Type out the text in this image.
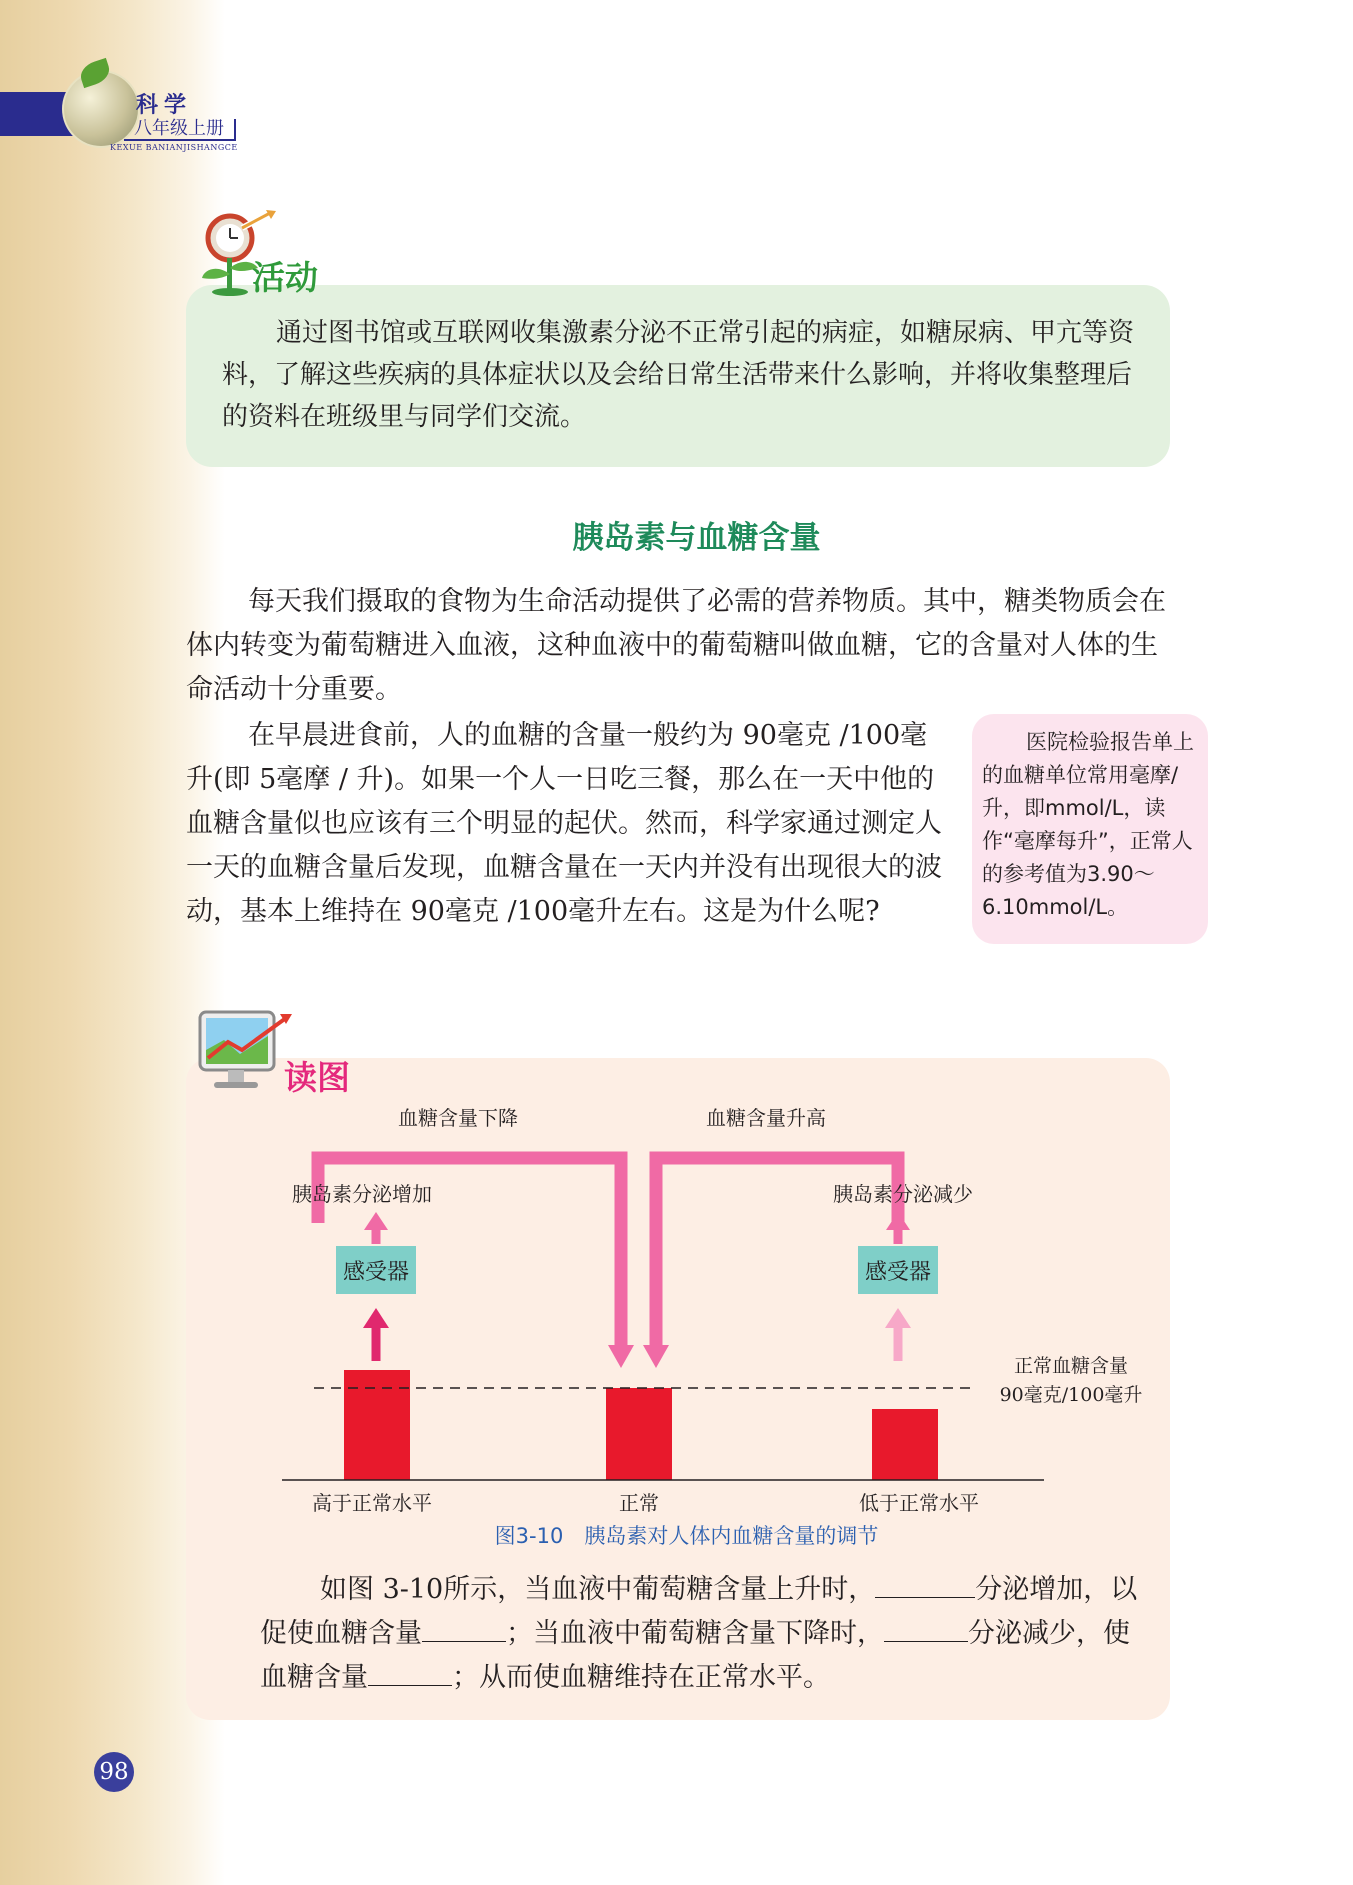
科学
八年级上册
KEXUE BANIANJISHANGCE
活动
通过图书馆或互联网收集激素分泌不正常引起的病症，如糖尿病、甲亢等资料，了解这些疾病的具体症状以及会给日常生活带来什么影响，并将收集整理后的资料在班级里与同学们交流。
胰岛素与血糖含量
每天我们摄取的食物为生命活动提供了必需的营养物质。其中，糖类物质会在体内转变为葡萄糖进入血液，这种血液中的葡萄糖叫做血糖，它的含量对人体的生命活动十分重要。
在早晨进食前，人的血糖的含量一般约为 90毫克 /100毫升(即 5毫摩 / 升)。如果一个人一日吃三餐，那么在一天中他的血糖含量似也应该有三个明显的起伏。然而，科学家通过测定人一天的血糖含量后发现，血糖含量在一天内并没有出现很大的波动，基本上维持在 90毫克 /100毫升左右。这是为什么呢?
医院检验报告单上的血糖单位常用毫摩/升，即mmol/L，读作“毫摩每升”，正常人的参考值为3.90～6.10mmol/L。
读图
血糖含量下降	血糖含量升高
胰岛素分泌增加	胰岛素分泌减少
感受器	感受器
正常血糖含量
90毫克/100毫升
高于正常水平	正常	低于正常水平
图3-10　胰岛素对人体内血糖含量的调节
如图 3-10所示，当血液中葡萄糖含量上升时，	分泌增加，以促使血糖含量	；当血液中葡萄糖含量下降时，	分泌减少，使血糖含量	；从而使血糖维持在正常水平。
98
